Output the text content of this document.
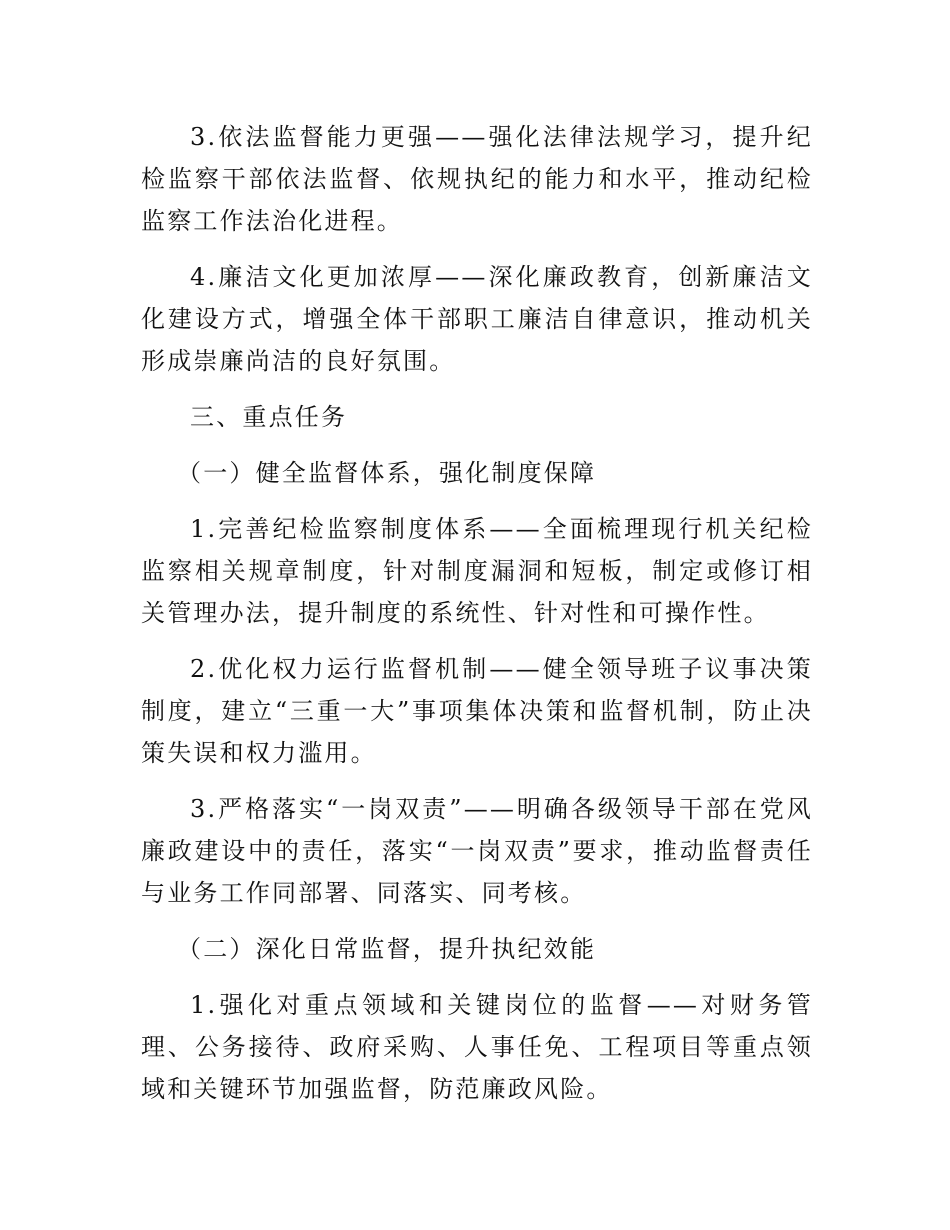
3.依法监督能力更强——强化法律法规学习，提升纪检监察干部依法监督、依规执纪的能力和水平，推动纪检监察工作法治化进程。

4.廉洁文化更加浓厚——深化廉政教育，创新廉洁文化建设方式，增强全体干部职工廉洁自律意识，推动机关形成崇廉尚洁的良好氛围。

三、重点任务

（一）健全监督体系，强化制度保障

1.完善纪检监察制度体系——全面梳理现行机关纪检监察相关规章制度，针对制度漏洞和短板，制定或修订相关管理办法，提升制度的系统性、针对性和可操作性。

2.优化权力运行监督机制——健全领导班子议事决策制度，建立“三重一大”事项集体决策和监督机制，防止决策失误和权力滥用。

3.严格落实“一岗双责”——明确各级领导干部在党风廉政建设中的责任，落实“一岗双责”要求，推动监督责任与业务工作同部署、同落实、同考核。

（二）深化日常监督，提升执纪效能

1.强化对重点领域和关键岗位的监督——对财务管理、公务接待、政府采购、人事任免、工程项目等重点领域和关键环节加强监督，防范廉政风险。
